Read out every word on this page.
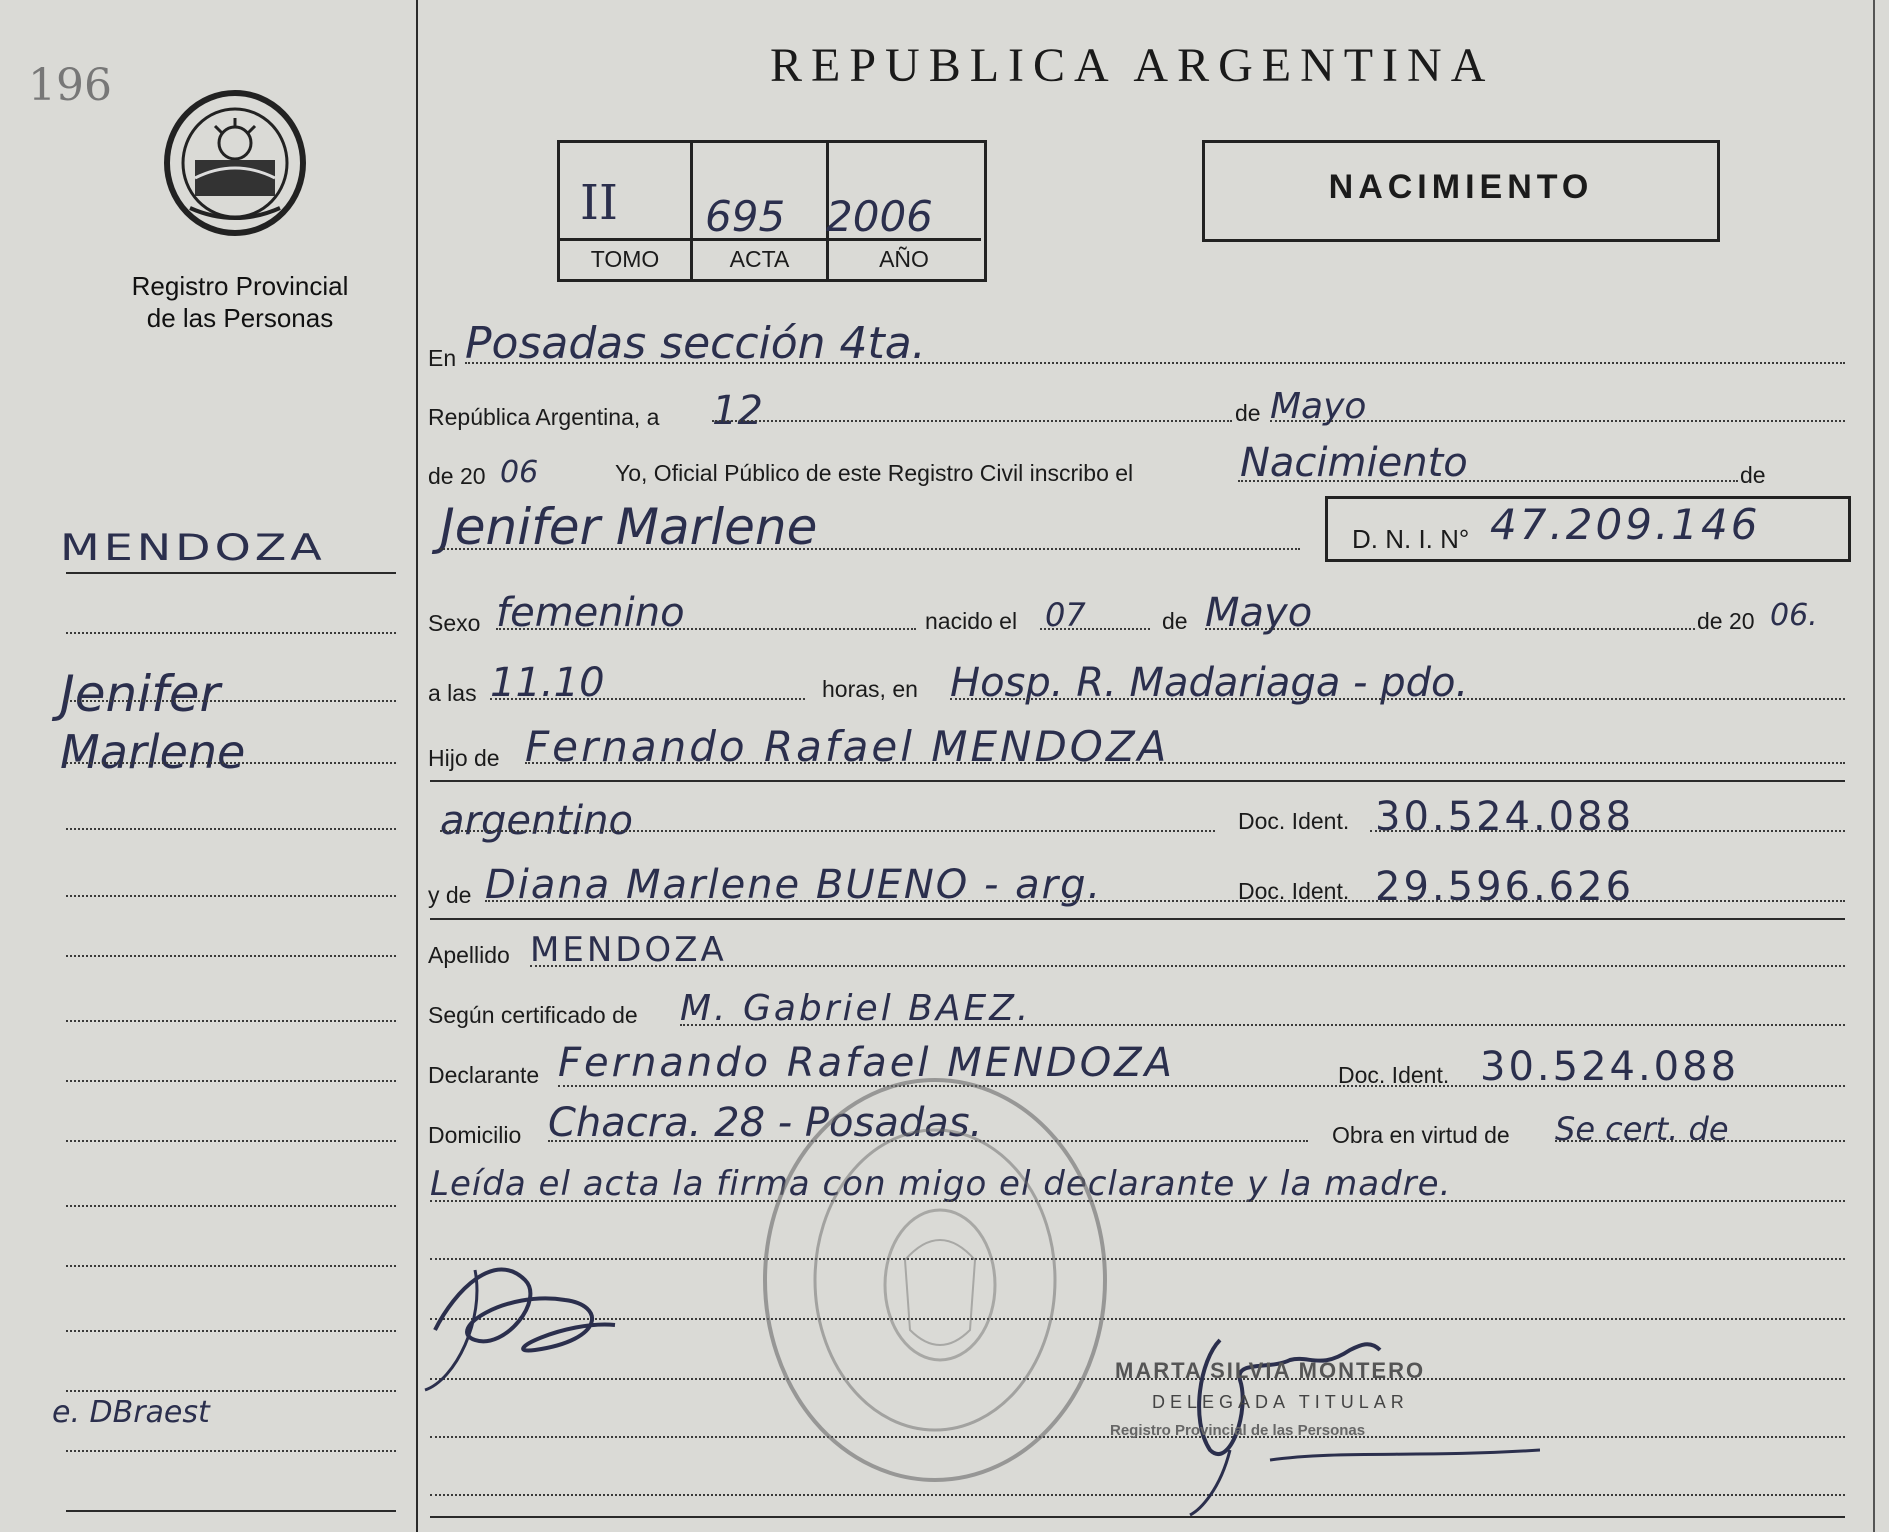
196
Registro Provincial
de las Personas
MENDOZA
Jenifer
Marlene
e. DBraest
REPUBLICA ARGENTINA
II 695 2006
TOMO	ACTA	AÑO
NACIMIENTO
En Posadas sección 4ta.
República Argentina, a 12	de Mayo
de 20 06	Yo, Oficial Público de este Registro Civil inscribo el	Nacimiento	de
Jenifer Marlene	D. N. I. N° 47.209.146
Sexo femenino	nacido el 07	de Mayo	de 20 06.
a las 11.10	horas, en Hosp. R. Madariaga - pdo.
Hijo de Fernando Rafael MENDOZA
argentino	Doc. Ident. 30.524.088
y de Diana Marlene BUENO - arg.	Doc. Ident. 29.596.626
Apellido MENDOZA
Según certificado de M. Gabriel BAEZ.
Declarante Fernando Rafael MENDOZA	Doc. Ident. 30.524.088
Domicilio Chacra. 28 - Posadas.	Obra en virtud de Se cert. de
Leída el acta la firma con migo el declarante y la madre.
MARTA SILVIA MONTERO
DELEGADA TITULAR
Registro Provincial de las Personas
